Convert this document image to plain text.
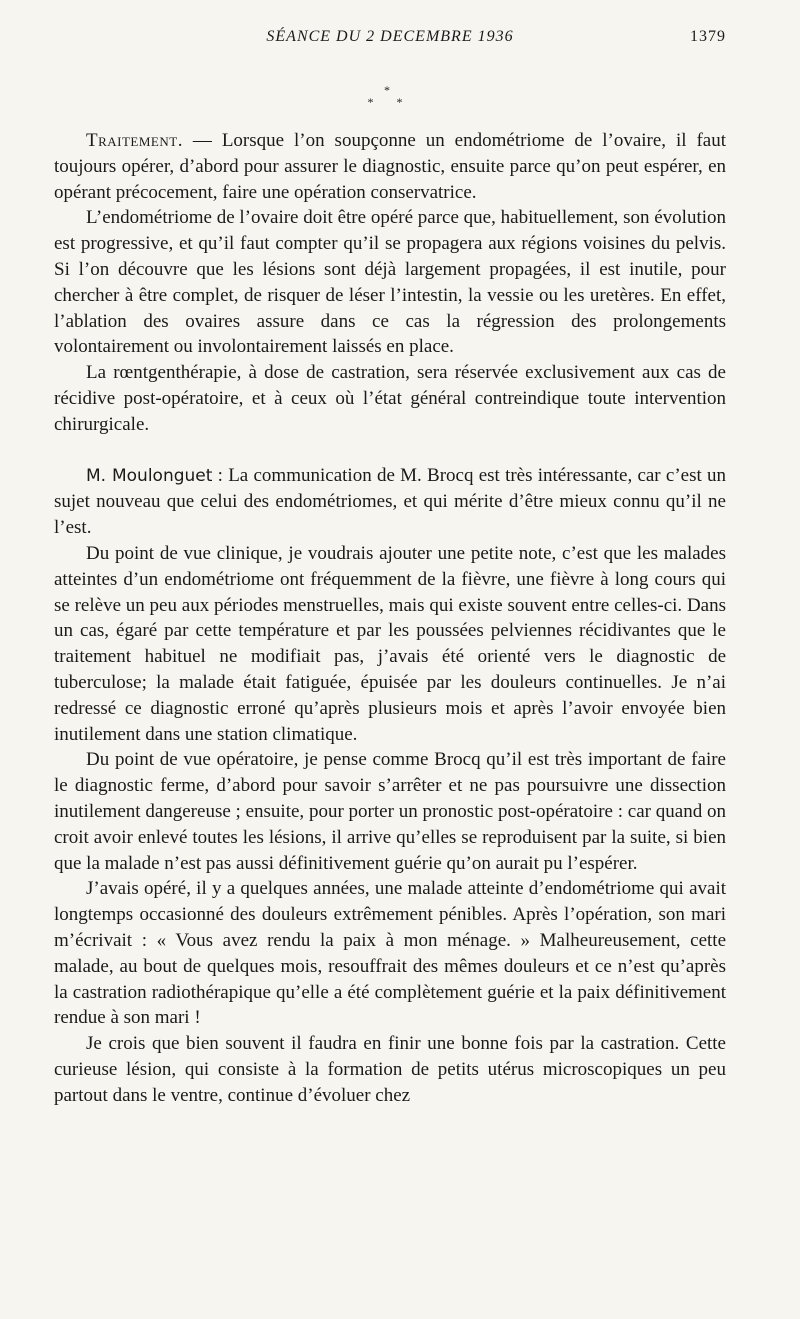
SÉANCE DU 2 DECEMBRE 1936	1379
*
* *

Traitement. — Lorsque l’on soupçonne un endométriome de l’ovaire, il faut toujours opérer, d’abord pour assurer le diagnostic, ensuite parce qu’on peut espérer, en opérant précocement, faire une opération conservatrice.

L’endométriome de l’ovaire doit être opéré parce que, habituellement, son évolution est progressive, et qu’il faut compter qu’il se propagera aux régions voisines du pelvis. Si l’on découvre que les lésions sont déjà largement propagées, il est inutile, pour chercher à être complet, de risquer de léser l’intestin, la vessie ou les uretères. En effet, l’ablation des ovaires assure dans ce cas la régression des prolongements volontairement ou involontairement laissés en place.

La rœntgenthérapie, à dose de castration, sera réservée exclusivement aux cas de récidive post-opératoire, et à ceux où l’état général contreindique toute intervention chirurgicale.

M. Moulonguet : La communication de M. Brocq est très intéressante, car c’est un sujet nouveau que celui des endométriomes, et qui mérite d’être mieux connu qu’il ne l’est.

Du point de vue clinique, je voudrais ajouter une petite note, c’est que les malades atteintes d’un endométriome ont fréquemment de la fièvre, une fièvre à long cours qui se relève un peu aux périodes menstruelles, mais qui existe souvent entre celles-ci. Dans un cas, égaré par cette température et par les poussées pelviennes récidivantes que le traitement habituel ne modifiait pas, j’avais été orienté vers le diagnostic de tuberculose; la malade était fatiguée, épuisée par les douleurs continuelles. Je n’ai redressé ce diagnostic erroné qu’après plusieurs mois et après l’avoir envoyée bien inutilement dans une station climatique.

Du point de vue opératoire, je pense comme Brocq qu’il est très important de faire le diagnostic ferme, d’abord pour savoir s’arrêter et ne pas poursuivre une dissection inutilement dangereuse ; ensuite, pour porter un pronostic post-opératoire : car quand on croit avoir enlevé toutes les lésions, il arrive qu’elles se reproduisent par la suite, si bien que la malade n’est pas aussi définitivement guérie qu’on aurait pu l’espérer.

J’avais opéré, il y a quelques années, une malade atteinte d’endométriome qui avait longtemps occasionné des douleurs extrêmement pénibles. Après l’opération, son mari m’écrivait : « Vous avez rendu la paix à mon ménage. » Malheureusement, cette malade, au bout de quelques mois, resouffrait des mêmes douleurs et ce n’est qu’après la castration radiothérapique qu’elle a été complètement guérie et la paix définitivement rendue à son mari !

Je crois que bien souvent il faudra en finir une bonne fois par la castration. Cette curieuse lésion, qui consiste à la formation de petits utérus microscopiques un peu partout dans le ventre, continue d’évoluer chez
